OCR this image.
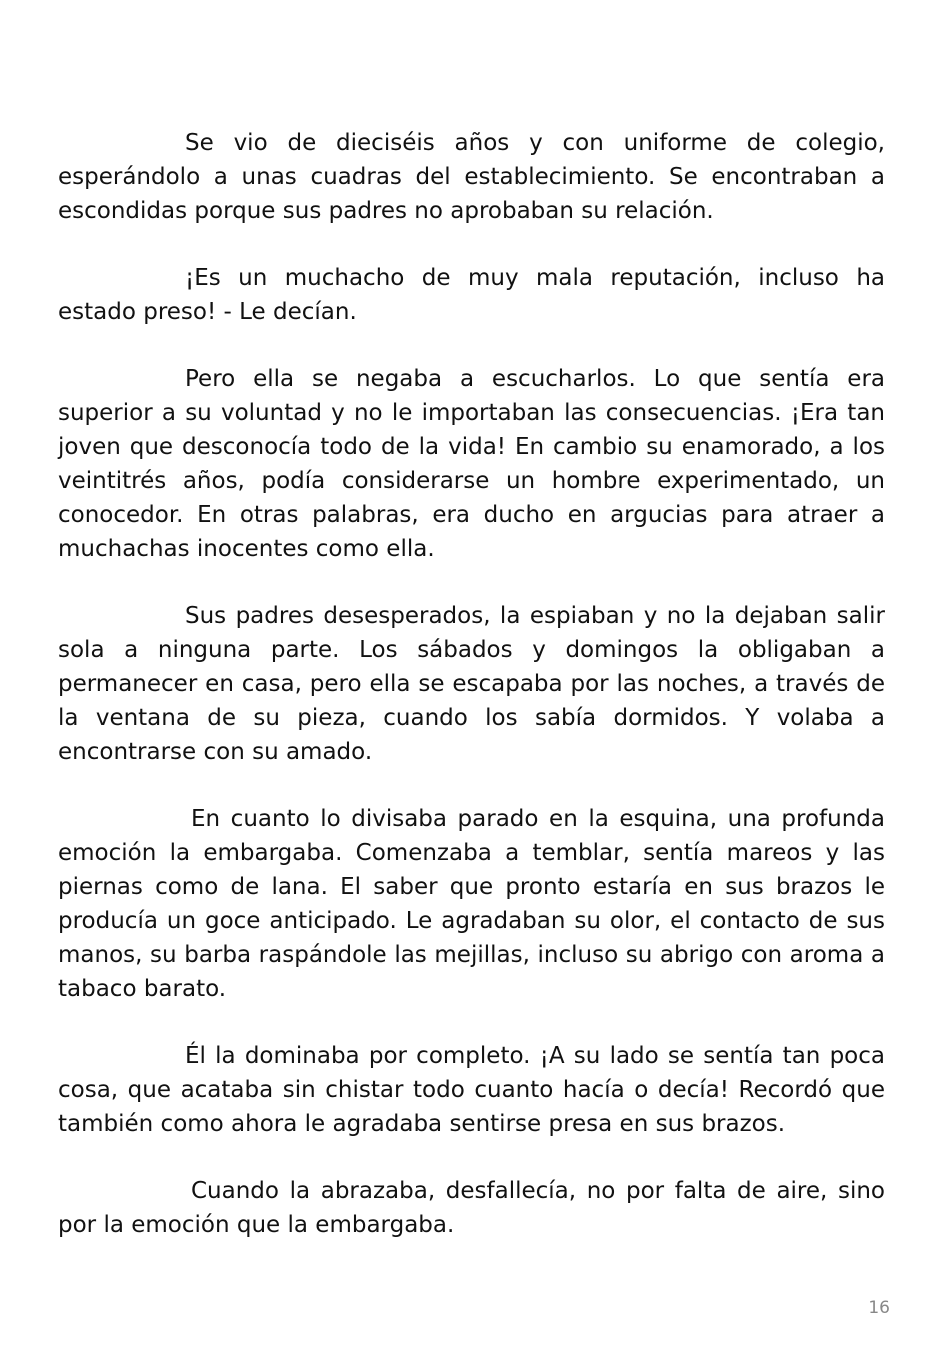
Se vio de dieciséis años y con uniforme de colegio, esperándolo a unas cuadras del establecimiento. Se encontraban a escondidas porque sus padres no aprobaban su relación.

¡Es un muchacho de muy mala reputación, incluso ha estado preso! - Le decían.

Pero ella se negaba a escucharlos. Lo que sentía era superior a su voluntad y no le importaban las consecuencias. ¡Era tan joven que desconocía todo de la vida! En cambio su enamorado, a los veintitrés años, podía considerarse un hombre experimentado, un conocedor. En otras palabras, era ducho en argucias para atraer a muchachas inocentes como ella.

Sus padres desesperados, la espiaban y no la dejaban salir sola a ninguna parte. Los sábados y domingos la obligaban a permanecer en casa, pero ella se escapaba por las noches, a través de la ventana de su pieza, cuando los sabía dormidos. Y volaba a encontrarse con su amado.

En cuanto lo divisaba parado en la esquina, una profunda emoción la embargaba. Comenzaba a temblar, sentía mareos y las piernas como de lana. El saber que pronto estaría en sus brazos le producía un goce anticipado. Le agradaban su olor, el contacto de sus manos, su barba raspándole las mejillas, incluso su abrigo con aroma a tabaco barato.

Él la dominaba por completo. ¡A su lado se sentía tan poca cosa, que acataba sin chistar todo cuanto hacía o decía! Recordó que también como ahora le agradaba sentirse presa en sus brazos.

Cuando la abrazaba, desfallecía, no por falta de aire, sino por la emoción que la embargaba.

16
